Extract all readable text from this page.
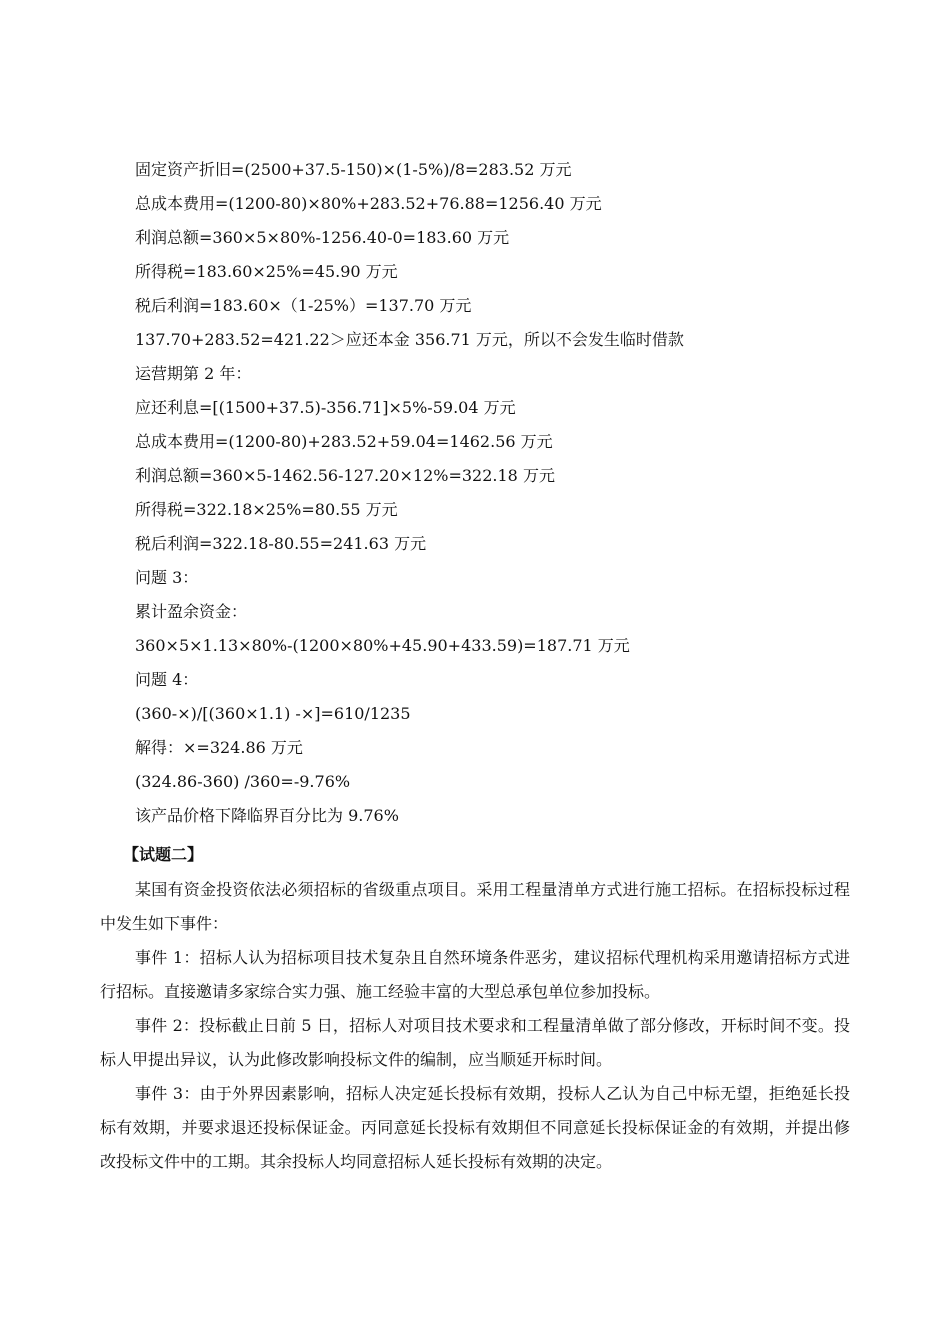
固定资产折旧=(2500+37.5-150)×(1-5%)/8=283.52 万元
总成本费用=(1200-80)×80%+283.52+76.88=1256.40 万元
利润总额=360×5×80%-1256.40-0=183.60 万元
所得税=183.60×25%=45.90 万元
税后利润=183.60×（1-25%）=137.70 万元
137.70+283.52=421.22＞应还本金 356.71 万元，所以不会发生临时借款
运营期第 2 年：
应还利息=[(1500+37.5)-356.71]×5%-59.04 万元
总成本费用=(1200-80)+283.52+59.04=1462.56 万元
利润总额=360×5-1462.56-127.20×12%=322.18 万元
所得税=322.18×25%=80.55 万元
税后利润=322.18-80.55=241.63 万元
问题 3：
累计盈余资金：
360×5×1.13×80%-(1200×80%+45.90+433.59)=187.71 万元
问题 4：
(360-×)/[(360×1.1) -×]=610/1235
解得：×=324.86 万元
(324.86-360) /360=-9.76%
该产品价格下降临界百分比为 9.76%
【试题二】
某国有资金投资依法必须招标的省级重点项目。采用工程量清单方式进行施工招标。在招标投标过程中发生如下事件：
事件 1：招标人认为招标项目技术复杂且自然环境条件恶劣，建议招标代理机构采用邀请招标方式进行招标。直接邀请多家综合实力强、施工经验丰富的大型总承包单位参加投标。
事件 2：投标截止日前 5 日，招标人对项目技术要求和工程量清单做了部分修改，开标时间不变。投标人甲提出异议，认为此修改影响投标文件的编制，应当顺延开标时间。
事件 3：由于外界因素影响，招标人决定延长投标有效期，投标人乙认为自己中标无望，拒绝延长投标有效期，并要求退还投标保证金。丙同意延长投标有效期但不同意延长投标保证金的有效期，并提出修改投标文件中的工期。其余投标人均同意招标人延长投标有效期的决定。
